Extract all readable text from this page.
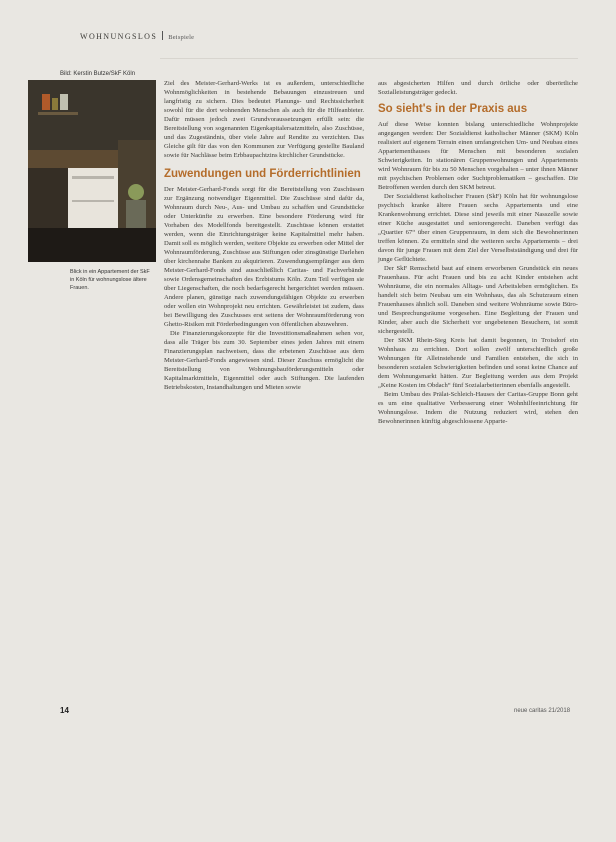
WOHNUNGSLOS Beispiele
Bild: Kerstin Butze/SkF Köln
Blick in ein Appartement der SkF in Köln für wohnungslose ältere Frauen.

Ziel des Meister-Gerhard-Werks ist es außerdem, unterschiedliche Wohnmöglichkeiten in bestehende Bebauungen einzustreuen und langfristig zu sichern. Dies bedeutet Planungs- und Rechtssicherheit sowohl für die dort wohnenden Menschen als auch für die Hilfeanbieter. Dafür müssen jedoch zwei Grundvoraussetzungen erfüllt sein: die Bereitstellung von sogenannten Eigenkapitalersatzmitteln, also Zuschüsse, und das Zugeständnis, über viele Jahre auf Rendite zu verzichten. Das Gleiche gilt für das von den Kommunen zur Verfügung gestellte Bauland sowie für Nachlässe beim Erbbaupachtzins kirchlicher Grundstücke.

Zuwendungen und Förderrichtlinien

Der Meister-Gerhard-Fonds sorgt für die Bereitstellung von Zuschüssen zur Ergänzung notwendiger Eigenmittel. Die Zuschüsse sind dafür da, Wohnraum durch Neu-, Aus- und Umbau zu schaffen und Grundstücke oder Unterkünfte zu erwerben. Eine besondere Förderung wird für Vorhaben des Modellfonds bereitgestellt. Zuschüsse können erstattet werden, wenn die Einrichtungsträger keine Kapitalmittel mehr haben. Damit soll es möglich werden, weitere Objekte zu erwerben oder Mittel der Wohnraumförderung, Zuschüsse aus Stiftungen oder zinsgünstige Darlehen über kirchennahe Banken zu akquirieren. Zuwendungsempfänger aus dem Meister-Gerhard-Fonds sind ausschließlich Caritas- und Fachverbände sowie Ordensgemeinschaften des Erzbistums Köln. Zum Teil verfügen sie über Liegenschaften, die noch bedarfsgerecht hergerichtet werden müssen. Andere planen, günstige nach zuwendungsfähigen Objekte zu erwerben oder wollen ein Wohnprojekt neu errichten. Gewährleistet ist zudem, dass bei Bewilligung des Zuschusses erst seitens der Wohnraumförderung von Ghetto-Risiken mit Förderbedingungen von öffentlichen abzuwehren.

Die Finanzierungskonzepte für die Investitionsmaßnahmen sehen vor, dass alle Träger bis zum 30. September eines jeden Jahres mit einem Finanzierungsplan nachweisen, dass die erbetenen Zuschüsse aus dem Meister-Gerhard-Fonds angewiesen sind. Dieser Zuschuss ermöglicht die Bereitstellung von Wohnungsbauförderungsmitteln oder Kapitalmarktmitteln, Eigenmittel oder auch Stiftungen. Die laufenden Betriebskosten, Instandhaltungen und Mieten sowie

aus abgesicherten Hilfen und durch örtliche oder überörtliche Sozialleistungsträger gedeckt.

So sieht's in der Praxis aus

Auf diese Weise konnten bislang unterschiedliche Wohnprojekte angegangen werden: Der Sozialdienst katholischer Männer (SKM) Köln realisiert auf eigenem Terrain einen umfangreichen Um- und Neubau eines Appartementhauses für Menschen mit besonderen sozialen Schwierigkeiten. In stationären Gruppenwohnungen und Appartements wird Wohnraum für bis zu 50 Menschen vorgehalten – unter ihnen Männer mit psychischen Problemen oder Suchtproblematiken – geschaffen. Die Betroffenen werden durch den SKM betreut.

Der Sozialdienst katholischer Frauen (SkF) Köln hat für wohnungslose psychisch kranke ältere Frauen sechs Appartements und eine Krankenwohnung errichtet. Diese sind jeweils mit einer Nasszelle sowie einer Küche ausgestattet und seniorengerecht. Daneben verfügt das „Quartier 67“ über einen Gruppenraum, in dem sich die Bewohnerinnen treffen können. Zu ermitteln sind die weiteren sechs Appartements – drei davon für junge Frauen mit dem Ziel der Verselbstständigung und drei für junge Geflüchtete.

Der SkF Remscheid baut auf einem erworbenen Grundstück ein neues Frauenhaus. Für acht Frauen und bis zu acht Kinder entstehen acht Wohnräume, die ein normales Alltags- und Arbeitsleben ermöglichen. Es handelt sich beim Neubau um ein Wohnhaus, das als Schutzraum einen Frauenhauses ähnlich soll. Daneben sind weitere Wohnräume sowie Büro- und Besprechungsräume vorgesehen. Eine Begleitung der Frauen und Kinder, aber auch die Sicherheit vor ungebetenen Besuchern, ist somit sichergestellt.

Der SKM Rhein-Sieg Kreis hat damit begonnen, in Troisdorf ein Wohnhaus zu errichten. Dort sollen zwölf unterschiedlich große Wohnungen für Alleinstehende und Familien entstehen, die sich in besonderen sozialen Schwierigkeiten befinden und sonst keine Chance auf dem Wohnungsmarkt hätten. Zur Begleitung werden aus dem Projekt „Keine Kosten im Obdach“ fünf Sozialarbeiterinnen ebenfalls angestellt.

Beim Umbau des Prälat-Schleich-Hauses der Caritas-Gruppe Bonn geht es um eine qualitative Verbesserung einer Wohnhilfeeinrichtung für Wohnungslose. Indem die Nutzung reduziert wird, stehen den Bewohnerinnen künftig abgeschlossene Apparte-

14	neue caritas 21/2018
